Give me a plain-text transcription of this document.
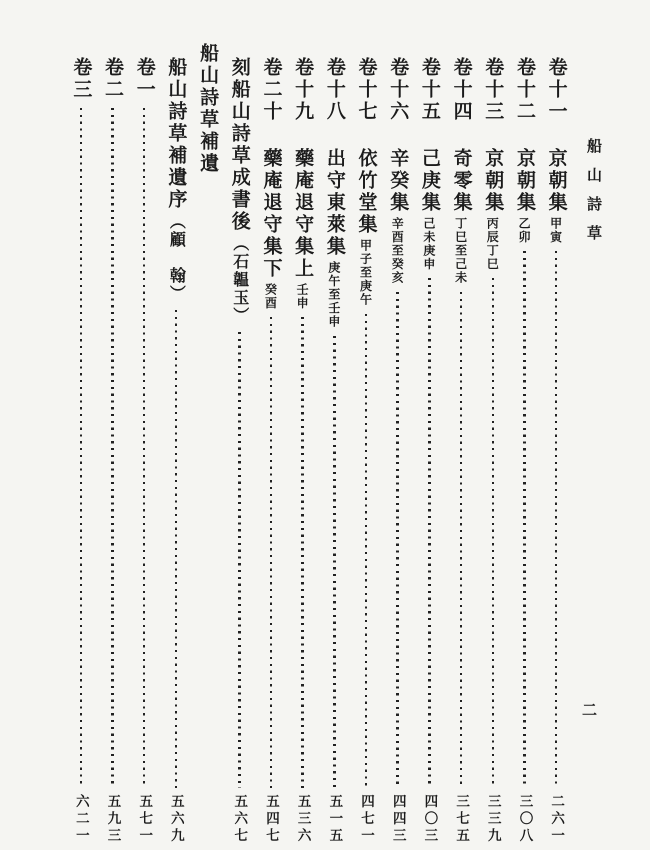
船山詩草
二
卷十一
京朝集
甲寅
二六一
卷十二
京朝集
乙卯
三〇八
卷十三
京朝集
丙辰丁巳
三三九
卷十四
奇零集
丁巳至己未
三七五
卷十五
己庚集
己未庚申
四〇三
卷十六
辛癸集
辛酉至癸亥
四四三
卷十七
依竹堂集
甲子至庚午
四七一
卷十八
出守東萊集
庚午至壬申
五一五
卷十九
藥庵退守集上
壬申
五三六
卷二十
藥庵退守集下
癸酉
五四七
刻船山詩草成書後
︵石韞玉︶
五六七
船山詩草補遺
船山詩草補遺序
︵顧　翰︶
五六九
卷一
五七一
卷二
五九三
卷三
六二一
